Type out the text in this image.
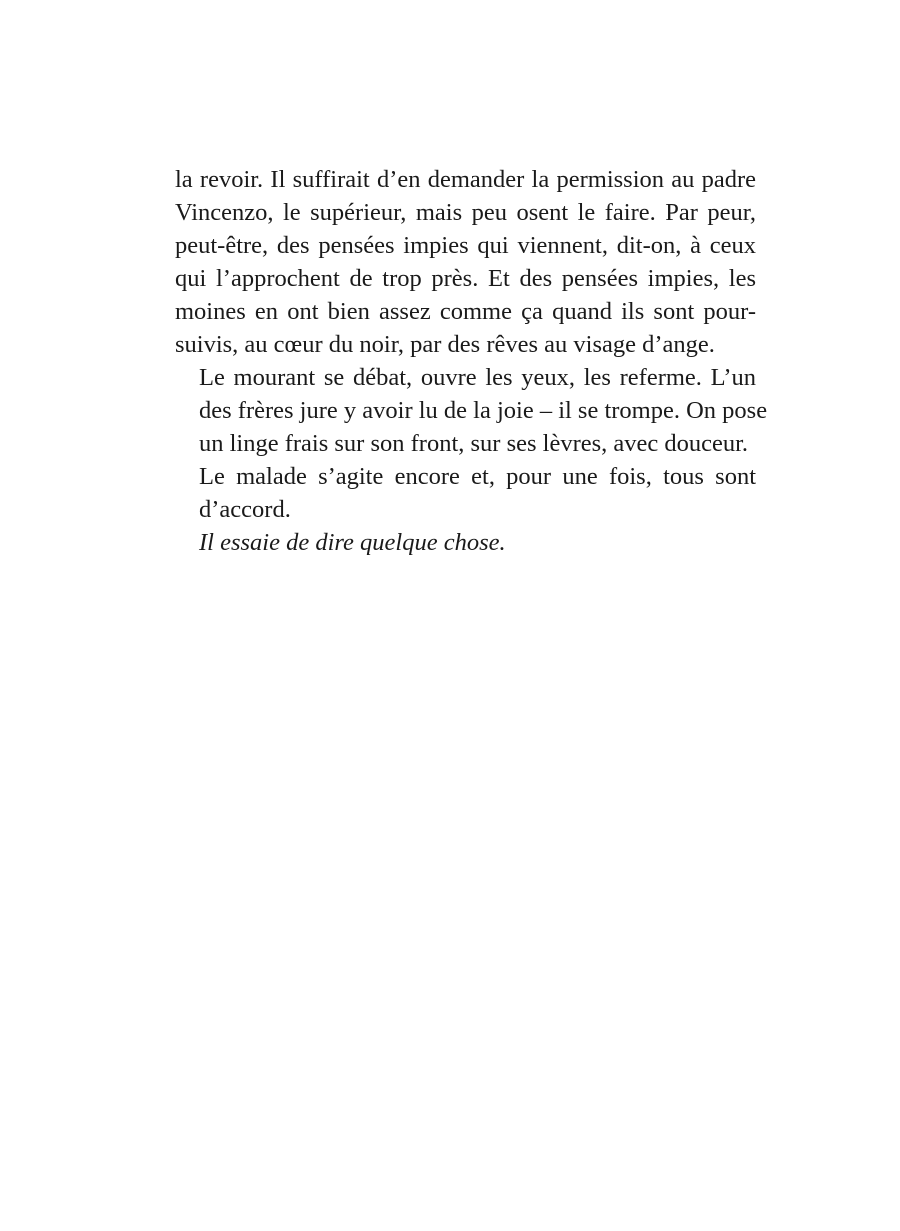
la revoir. Il suffirait d’en demander la permission au padre
Vincenzo, le supérieur, mais peu osent le faire. Par peur,
peut-être, des pensées impies qui viennent, dit-on, à ceux
qui l’approchent de trop près. Et des pensées impies, les
moines en ont bien assez comme ça quand ils sont pour-
suivis, au cœur du noir, par des rêves au visage d’ange.

Le mourant se débat, ouvre les yeux, les referme. L’un

des frères jure y avoir lu de la joie – il se trompe. On pose
un linge frais sur son front, sur ses lèvres, avec douceur.

Le malade s’agite encore et, pour une fois, tous sont

d’accord.

Il essaie de dire quelque chose.
